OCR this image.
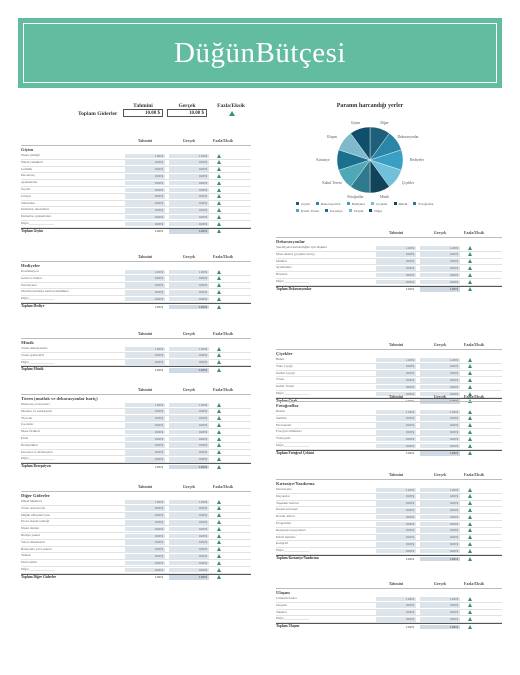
DüğünBütçesi
Tahmini	Gerçek	Fazla/Eksik
Toplam Giderler	10.00 $	10.00 $
Paranın harcandığı yerler
Diğer
Dekorasyonlar
Hediyeler
Çiçekler
Müzik
Fotoğraflar
Kabul Töreni
Kırtasiye
Ulaşım
Giyim
Giyim	Dekorasyonlar	Hediyeler	Çiçekler	Müzik	Fotoğraflar
Kabul Töreni	Kırtasiye	Ulaşım	Diğer
Tahmini	Gerçek	Fazla/Eksik
Giyim
Nişan yüzüğü	1.00 $	1.00 $
Nikah yüzükleri	0.00 $	0.00 $
Gelinlik	0.00 $	0.00 $
Duvak/taç	0.00 $	0.00 $
Ayakkabılar	0.00 $	0.00 $
Saçılar	0.00 $	0.00 $
Jartiyer	0.00 $	0.00 $
Smokinler	0.00 $	0.00 $
Damatlar smokinleri	0.00 $	0.00 $
Damatlar ayakkabıları	0.00 $	0.00 $
Diğer_______________	0.00 $	0.00 $
Toplam Giyim	1.00 $	1.00 $
Tahmini	Gerçek	Fazla/Eksik
Hediyeler
Konfeksiyon	1.00 $	1.00 $
Gelin ve damat	0.00 $	0.00 $
Davetiyeler	0.00 $	0.00 $
Oturma/sandalye kartları/isimlikler	0.00 $	0.00 $
Diğer_______________	0.00 $	0.00 $
Toplam Hediye	1.00 $	1.00 $
Tahmini	Gerçek	Fazla/Eksik
Müzik
Tören müzisyenleri	1.00 $	1.00 $
Tören grubu/DJ'i	0.00 $	0.00 $
Diğer_______________	0.00 $	0.00 $
Toplam Müzik	1.00 $	1.00 $
Tahmini	Gerçek	Fazla/Eksik
Tören (mutfak ve dekorasyonlar hariç)
Dekorasyon ücretleri	1.00 $	1.00 $
Masalar ve sandalyeler	0.00 $	0.00 $
Yiyecek	0.00 $	0.00 $
İçecekler	0.00 $	0.00 $
Masa Örtüleri	0.00 $	0.00 $
Pasta	0.00 $	0.00 $
Hediyelikler	0.00 $	0.00 $
Personel ve hizmetçiler	0.00 $	0.00 $
Diğer_______________	0.00 $	0.00 $
Toplam Resepsiyon	1.00 $	1.00 $
Tahmini	Gerçek	Fazla/Eksik
Diğer Giderler
Nikah Memuru	1.00 $	1.00 $
Tören alanı ücreti	0.00 $	0.00 $
Düğün elbiseleri/yazı	0.00 $	0.00 $
Prova akşam yemeği	0.00 $	0.00 $
Nişan ilanları	0.00 $	0.00 $
Hediye paketi	0.00 $	0.00 $
Salon süslemeleri	0.00 $	0.00 $
Balayında yol/a paketi	0.00 $	0.00 $
Yemek	0.00 $	0.00 $
Dizli saldırı	0.00 $	0.00 $
Diğer_______________	0.00 $	0.00 $
Toplam Diğer Giderler	1.00 $	1.00 $
Tahmini	Gerçek	Fazla/Eksik
Dekorasyonlar
Sandalyeler/kabul/düğün için ilişkiler	1.00 $	1.00 $
Masa süsleri (çiçekler hariç)	0.00 $	0.00 $
Mumlar	0.00 $	0.00 $
Aydınlatma	0.00 $	0.00 $
Balonlar	0.00 $	0.00 $
Diğer_______________	0.00 $	0.00 $
Toplam Dekorasyonlar	1.00 $	1.00 $
Tahmini	Gerçek	Fazla/Eksik
Çiçekler
Buket	1.00 $	1.00 $
Yaka Çiçeği	0.00 $	0.00 $
Damat Çiçeği	0.00 $	0.00 $
Tören	0.00 $	0.00 $
Kabul Töreni	0.00 $	0.00 $
Diğer_______________	0.00 $	0.00 $
Toplam Çiçek	1.00 $	1.00 $
Tahmini	Gerçek	Fazla/Eksik
Fotoğraflar
Resmi	1.00 $	1.00 $
Samimi	0.00 $	0.00 $
Ek baskılar	0.00 $	0.00 $
Fotoğraf albümleri	0.00 $	0.00 $
Videografi	0.00 $	0.00 $
Diğer_______________	0.00 $	0.00 $
Toplam Fotoğraf Çekimi	1.00 $	1.00 $
Tahmini	Gerçek	Fazla/Eksik
Kırtasiye/Yazdırma
Davetiyeler	1.00 $	1.00 $
Duyurular	0.00 $	0.00 $
Teşekkür kartları	0.00 $	0.00 $
Kişisel kırtasiye	0.00 $	0.00 $
Konuk defteri	0.00 $	0.00 $
Programlar	0.00 $	0.00 $
Resepsiyon peçeteleri	0.00 $	0.00 $
Kibrit kutuları	0.00 $	0.00 $
Kaligrafi	0.00 $	0.00 $
Diğer_______________	0.00 $	0.00 $
Toplam Kırtasiye/Yazdırma	1.00 $	1.00 $
Tahmini	Gerçek	Fazla/Eksik
Ulaşım
Limuzin/Araba	1.00 $	1.00 $
Otopark	0.00 $	0.00 $
Taksiler	0.00 $	0.00 $
Diğer_______________	0.00 $	0.00 $
Toplam Ulaşım	1.00 $	1.00 $
